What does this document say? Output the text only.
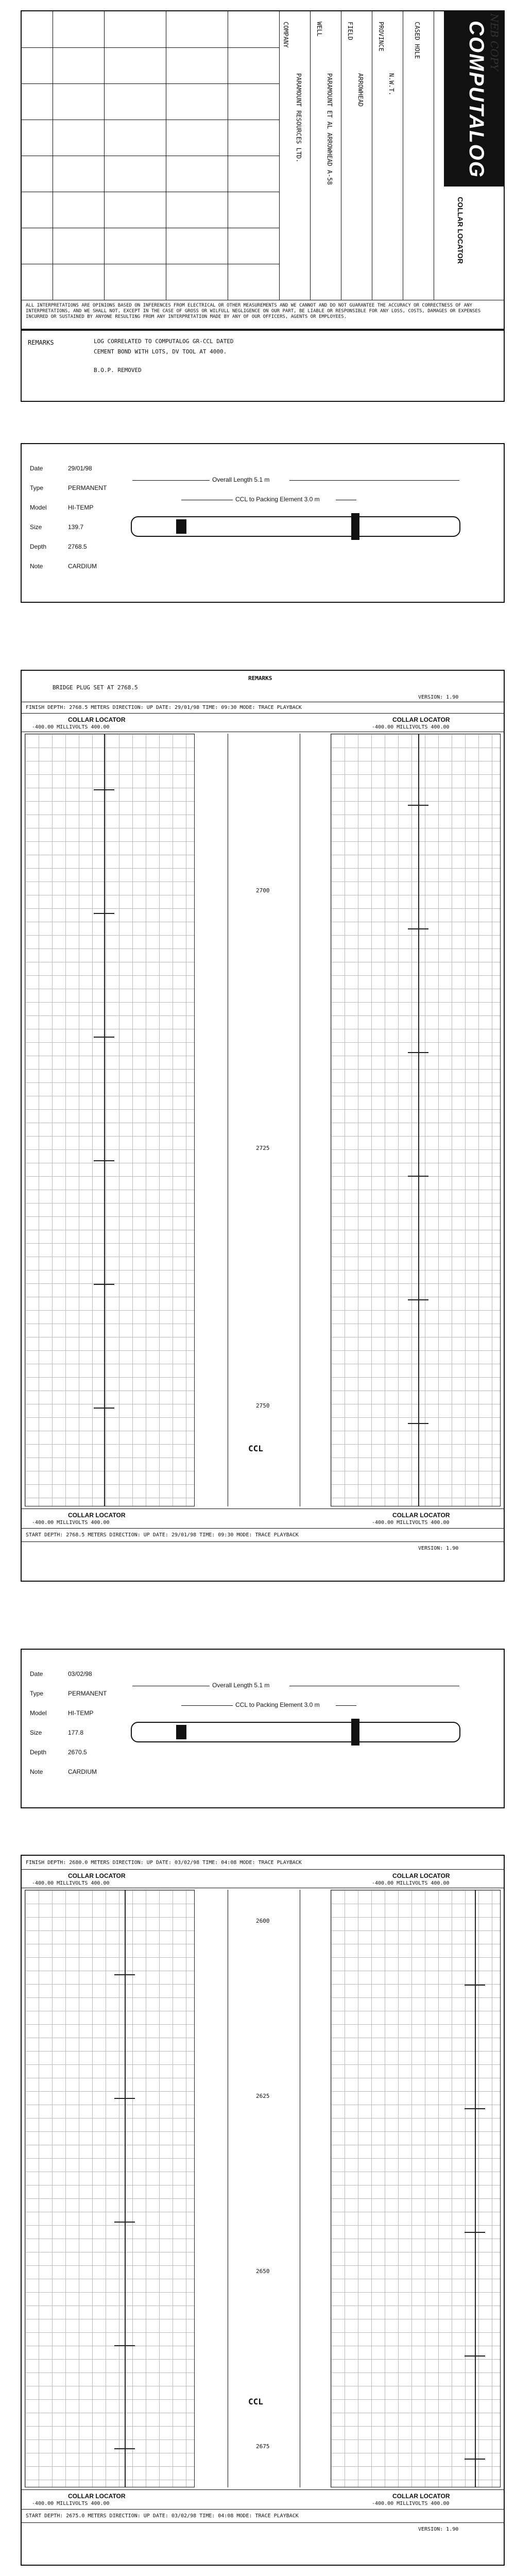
COMPANY
PARAMOUNT RESOURCES LTD.
WELL
PARAMOUNT ET AL ARROWHEAD A-58
FIELD
ARROWHEAD
PROVINCE
N.W.T.
CASED HOLE COMPUTALOG
COLLAR LOCATOR
NEB COPY
ALL INTERPRETATIONS ARE OPINIONS BASED ON INFERENCES FROM ELECTRICAL OR OTHER MEASUREMENTS AND WE CANNOT AND DO NOT GUARANTEE THE ACCURACY OR CORRECTNESS OF ANY INTERPRETATIONS, AND WE SHALL NOT, EXCEPT IN THE CASE OF GROSS OR WILFULL NEGLIGENCE ON OUR PART, BE LIABLE OR RESPONSIBLE FOR ANY LOSS, COSTS, DAMAGES OR EXPENSES INCURRED OR SUSTAINED BY ANYONE RESULTING FROM ANY INTERPRETATION MADE BY ANY OF OUR OFFICERS, AGENTS OR EMPLOYEES.
REMARKS	LOG CORRELATED TO COMPUTALOG GR-CCL DATED
CEMENT BOND WITH LOTS, DV TOOL AT 4000.
B.O.P. REMOVED
Date	29/01/98
Type	PERMANENT
Model	HI-TEMP
Size	139.7
Depth	2768.5
Note	CARDIUM
Overall Length 5.1 m
CCL to Packing Element 3.0 m
REMARKS
BRIDGE PLUG SET AT 2768.5
VERSION: 1.90
FINISH DEPTH: 2768.5 METERS DIRECTION: UP DATE: 29/01/98 TIME: 09:30 MODE: TRACE PLAYBACK
COLLAR LOCATOR	COLLAR LOCATOR
-400.00 MILLIVOLTS 400.00	-400.00 MILLIVOLTS 400.00
2700
2725
2750
CCL
COLLAR LOCATOR	COLLAR LOCATOR
-400.00 MILLIVOLTS 400.00	-400.00 MILLIVOLTS 400.00
START DEPTH: 2768.5 METERS DIRECTION: UP DATE: 29/01/98 TIME: 09:30 MODE: TRACE PLAYBACK
VERSION: 1.90
Date	03/02/98
Type	PERMANENT
Model	HI-TEMP
Size	177.8
Depth	2670.5
Note	CARDIUM
Overall Length 5.1 m
CCL to Packing Element 3.0 m
FINISH DEPTH: 2680.0 METERS DIRECTION: UP DATE: 03/02/98 TIME: 04:08 MODE: TRACE PLAYBACK
COLLAR LOCATOR	COLLAR LOCATOR
-400.00 MILLIVOLTS 400.00	-400.00 MILLIVOLTS 400.00
2600
2625
2650
2675
CCL
COLLAR LOCATOR	COLLAR LOCATOR
-400.00 MILLIVOLTS 400.00	-400.00 MILLIVOLTS 400.00
START DEPTH: 2675.0 METERS DIRECTION: UP DATE: 03/02/98 TIME: 04:08 MODE: TRACE PLAYBACK
VERSION: 1.90
